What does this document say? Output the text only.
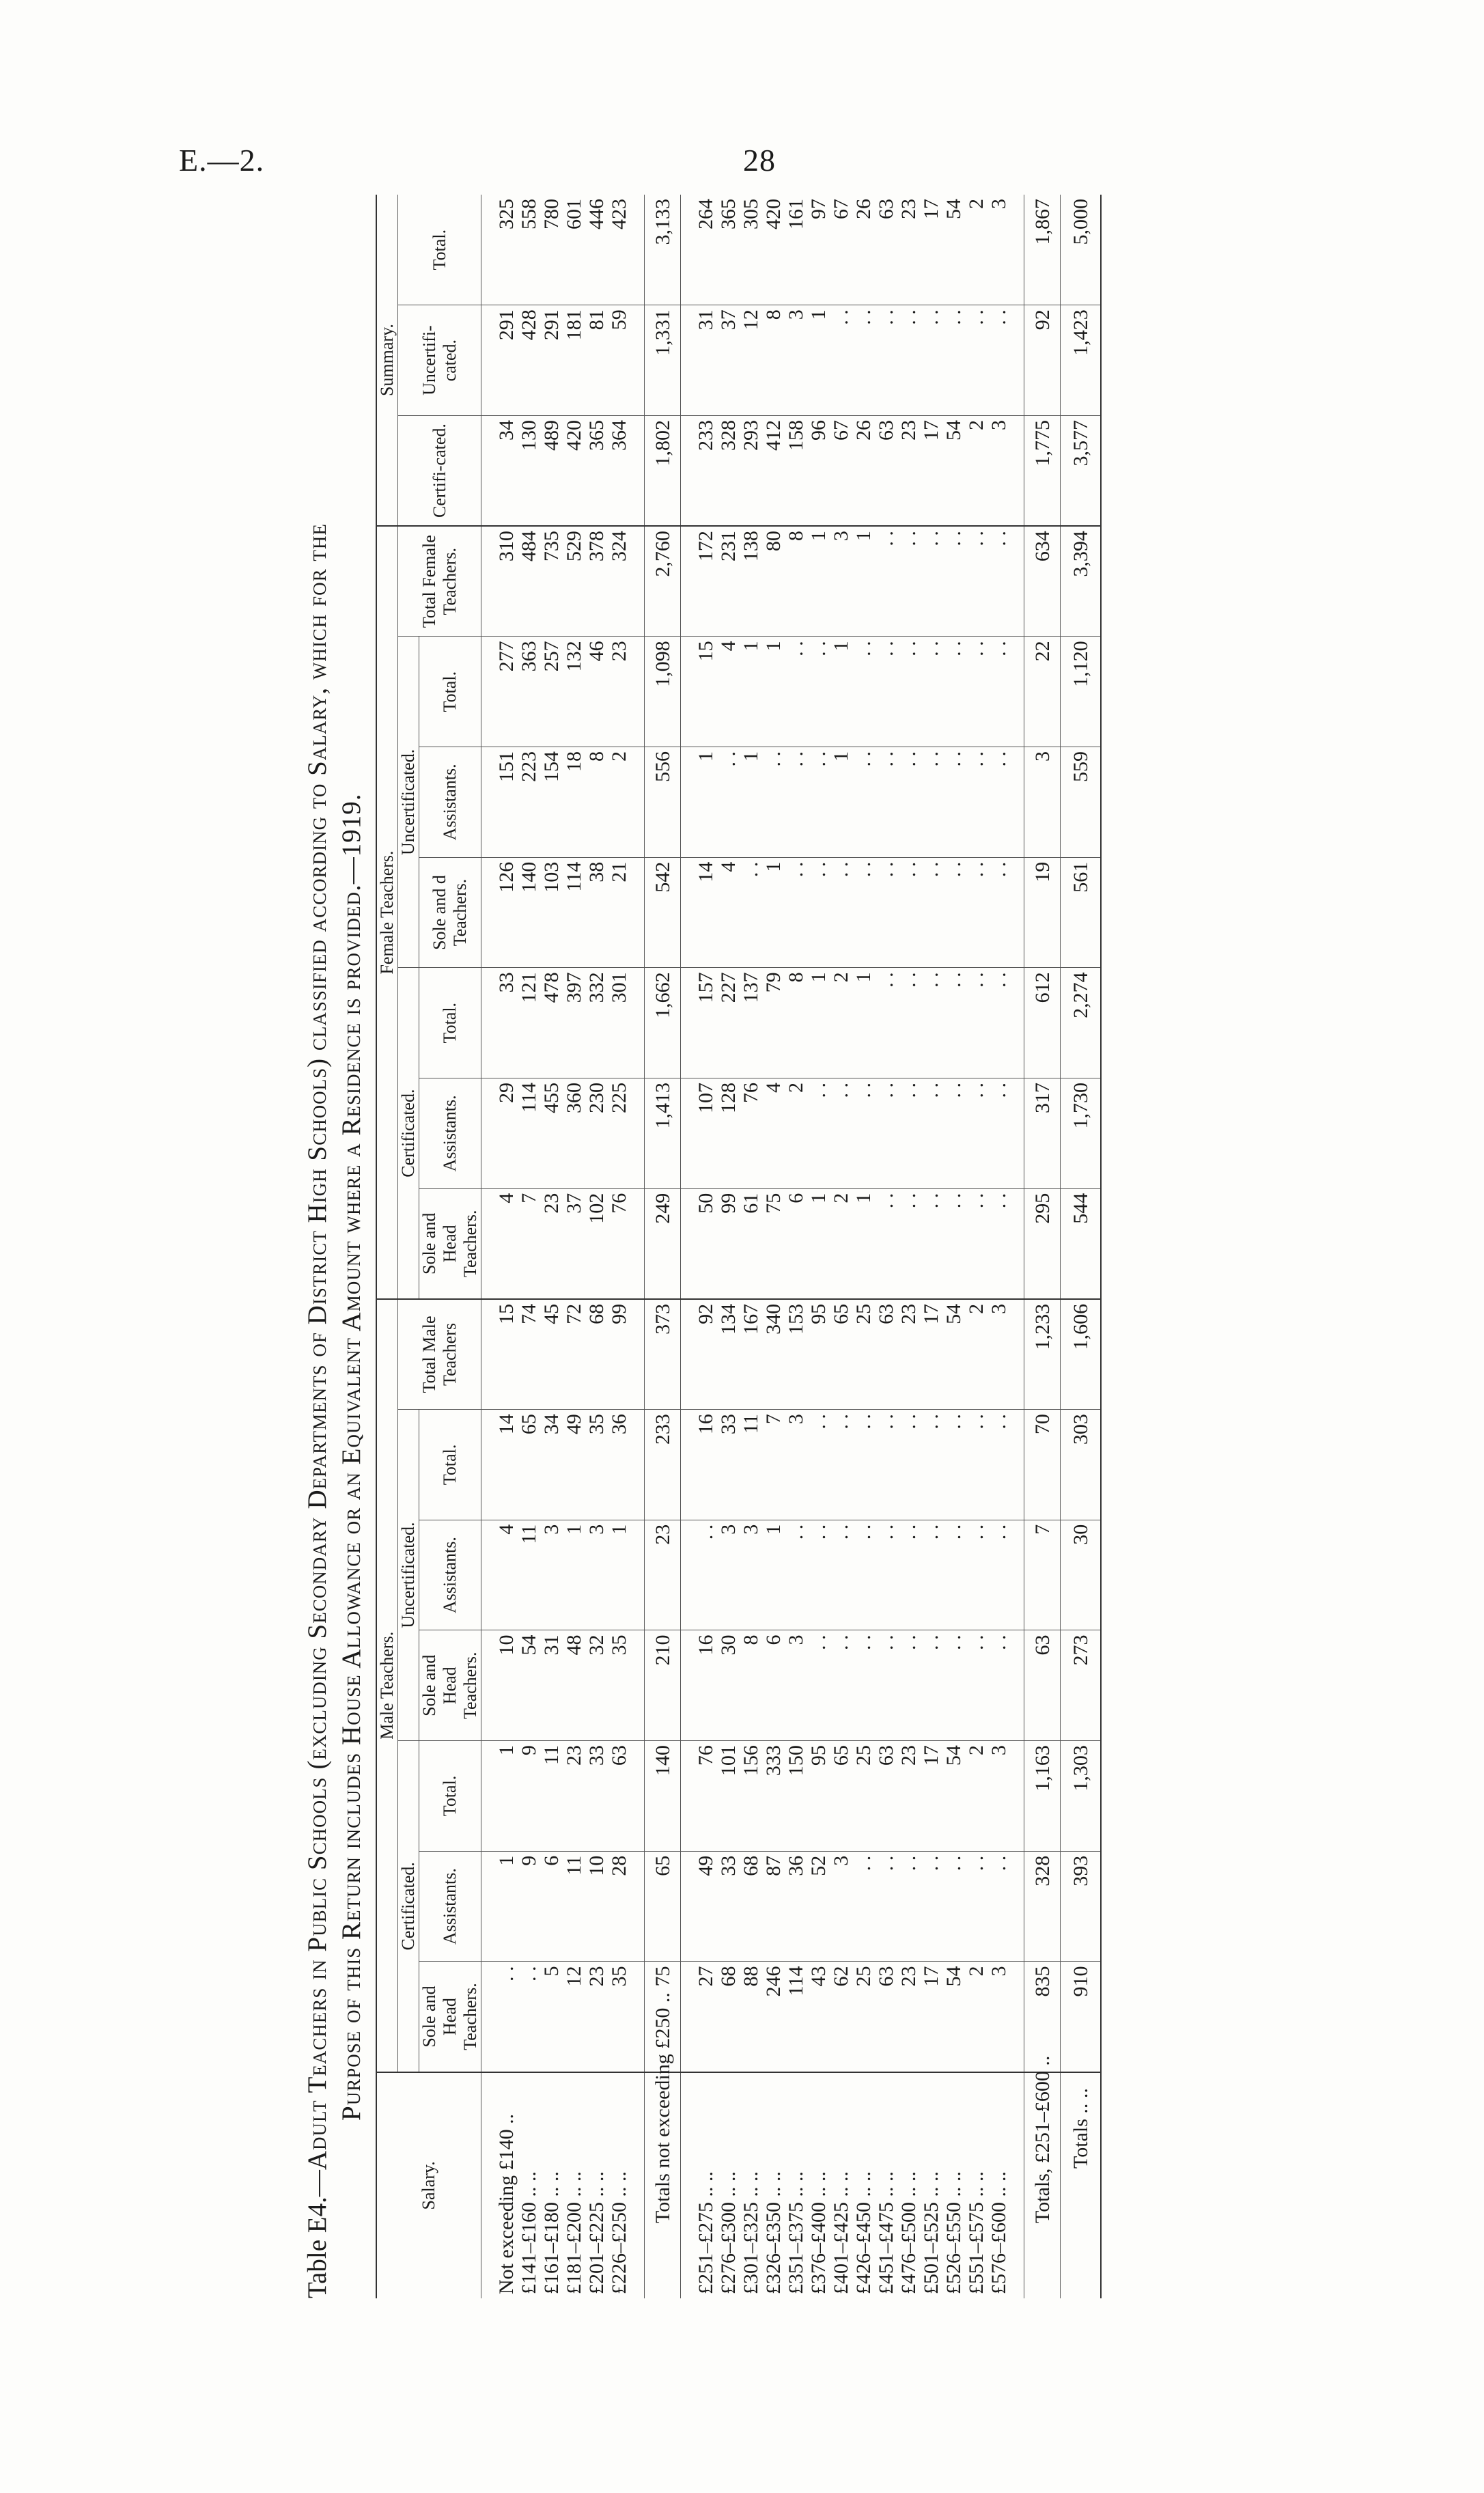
E.—2.	28
Table E4.—Adult Teachers in Public Schools (excluding Secondary Departments of District High Schools) classified according to Salary, which for the Purpose of this Return includes House Allowance or an Equivalent Amount where a Residence is provided.—1919.
Salary.	Male Teachers.							Female Teachers.							Summary.		
	Certificated.			Uncertificated.			Total Male Teachers	Certificated.			Uncertificated.			Total Female Teachers.	Certifi-cated.	Uncertifi-cated.	Total.
	Sole and Head Teachers.	Assistants.	Total.	Sole and Head Teachers.	Assistants.	Total.		Sole and Head Teachers.	Assistants.	Total.	Sole and d Teachers.	Assistants.	Total.				

Not exceeding £140 ..	. .	1	1	10	4	14	15	4	29	33	126	151	277	310	34	291	325
£141–£160 .. ..	. .	9	9	54	11	65	74	7	114	121	140	223	363	484	130	428	558
£161–£180 .. ..	5	6	11	31	3	34	45	23	455	478	103	154	257	735	489	291	780
£181–£200 .. ..	12	11	23	48	1	49	72	37	360	397	114	18	132	529	420	181	601
£201–£225 .. ..	23	10	33	32	3	35	68	102	230	332	38	8	46	378	365	81	446
£226–£250 .. ..	35	28	63	35	1	36	99	76	225	301	21	2	23	324	364	59	423

Totals not exceeding £250 ..	75	65	140	210	23	233	373	249	1,413	1,662	542	556	1,098	2,760	1,802	1,331	3,133

£251–£275 .. ..	27	49	76	16	. .	16	92	50	107	157	14	1	15	172	233	31	264
£276–£300 .. ..	68	33	101	30	3	33	134	99	128	227	4	. .	4	231	328	37	365
£301–£325 .. ..	88	68	156	8	3	11	167	61	76	137	. .	1	1	138	293	12	305
£326–£350 .. ..	246	87	333	6	1	7	340	75	4	79	1	. .	1	80	412	8	420
£351–£375 .. ..	114	36	150	3	. .	3	153	6	2	8	. .	. .	. .	8	158	3	161
£376–£400 .. ..	43	52	95	. .	. .	. .	95	1	. .	1	. .	. .	. .	1	96	1	97
£401–£425 .. ..	62	3	65	. .	. .	. .	65	2	. .	2	. .	1	1	3	67	. .	67
£426–£450 .. ..	25	. .	25	. .	. .	. .	25	1	. .	1	. .	. .	. .	1	26	. .	26
£451–£475 .. ..	63	. .	63	. .	. .	. .	63	. .	. .	. .	. .	. .	. .	. .	63	. .	63
£476–£500 .. ..	23	. .	23	. .	. .	. .	23	. .	. .	. .	. .	. .	. .	. .	23	. .	23
£501–£525 .. ..	17	. .	17	. .	. .	. .	17	. .	. .	. .	. .	. .	. .	. .	17	. .	17
£526–£550 .. ..	54	. .	54	. .	. .	. .	54	. .	. .	. .	. .	. .	. .	. .	54	. .	54
£551–£575 .. ..	2	. .	2	. .	. .	. .	2	. .	. .	. .	. .	. .	. .	. .	2	. .	2
£576–£600 .. ..	3	. .	3	. .	. .	. .	3	. .	. .	. .	. .	. .	. .	. .	3	. .	3

Totals, £251–£600 ..	835	328	1,163	63	7	70	1,233	295	317	612	19	3	22	634	1,775	92	1,867
Totals .. ..	910	393	1,303	273	30	303	1,606	544	1,730	2,274	561	559	1,120	3,394	3,577	1,423	5,000
